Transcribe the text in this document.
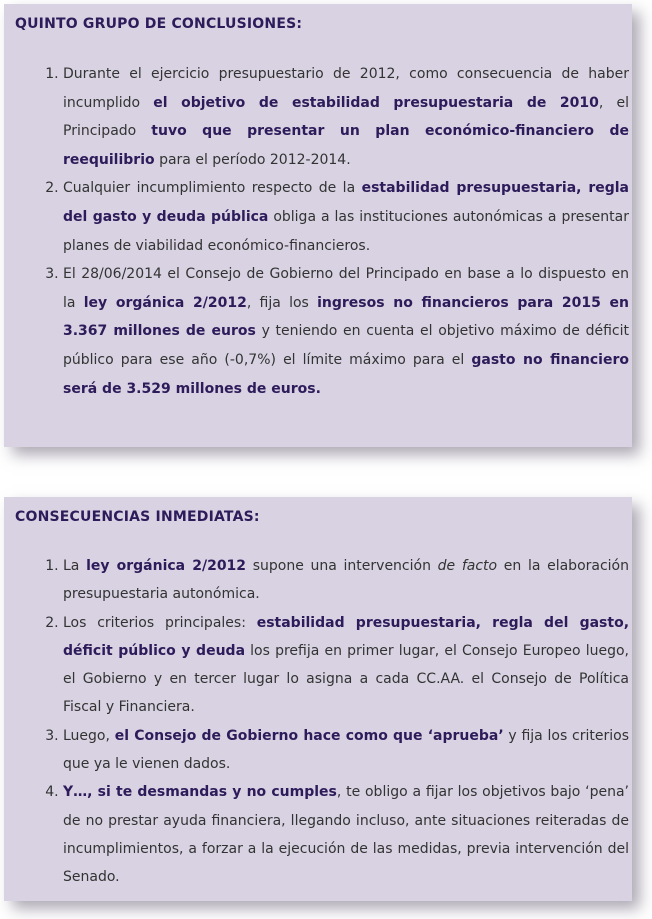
QUINTO GRUPO DE CONCLUSIONES:
1. Durante el ejercicio presupuestario de 2012, como consecuencia de haber incumplido el objetivo de estabilidad presupuestaria de 2010, el Principado tuvo que presentar un plan económico-financiero de reequilibrio para el período 2012-2014.
2. Cualquier incumplimiento respecto de la estabilidad presupuestaria, regla del gasto y deuda pública obliga a las instituciones autonómicas a presentar planes de viabilidad económico-financieros.
3. El 28/06/2014 el Consejo de Gobierno del Principado en base a lo dispuesto en la ley orgánica 2/2012, fija los ingresos no financieros para 2015 en 3.367 millones de euros y teniendo en cuenta el objetivo máximo de déficit público para ese año (-0,7%) el límite máximo para el gasto no financiero será de 3.529 millones de euros.
CONSECUENCIAS INMEDIATAS:
1. La ley orgánica 2/2012 supone una intervención de facto en la elaboración presupuestaria autonómica.
2. Los criterios principales: estabilidad presupuestaria, regla del gasto, déficit público y deuda los prefija en primer lugar, el Consejo Europeo luego, el Gobierno y en tercer lugar lo asigna a cada CC.AA. el Consejo de Política Fiscal y Financiera.
3. Luego, el Consejo de Gobierno hace como que ‘aprueba’ y fija los criterios que ya le vienen dados.
4. Y…, si te desmandas y no cumples, te obligo a fijar los objetivos bajo ‘pena’ de no prestar ayuda financiera, llegando incluso, ante situaciones reiteradas de incumplimientos, a forzar a la ejecución de las medidas, previa intervención del Senado.
